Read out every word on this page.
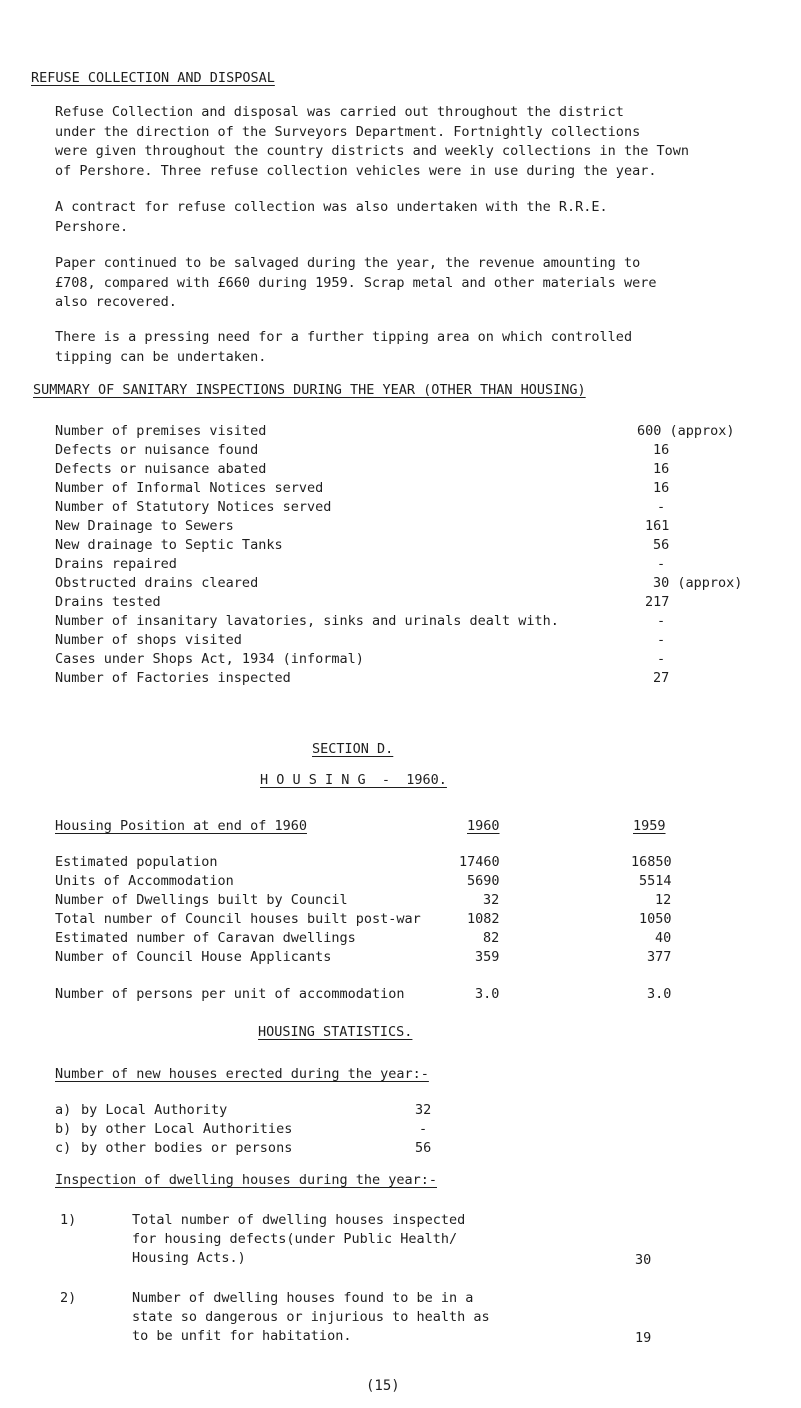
REFUSE COLLECTION AND DISPOSAL
Refuse Collection and disposal was carried out throughout the district
under the direction of the Surveyors Department. Fortnightly collections
were given throughout the country districts and weekly collections in the Town
of Pershore. Three refuse collection vehicles were in use during the year.
A contract for refuse collection was also undertaken with the R.R.E.
Pershore.
Paper continued to be salvaged during the year, the revenue amounting to
£708, compared with £660 during 1959. Scrap metal and other materials were
also recovered.
There is a pressing need for a further tipping area on which controlled
tipping can be undertaken.
SUMMARY OF SANITARY INSPECTIONS DURING THE YEAR (OTHER THAN HOUSING)
Number of premises visited	600 (approx)
Defects or nuisance found	16
Defects or nuisance abated	16
Number of Informal Notices served	16
Number of Statutory Notices served	-
New Drainage to Sewers	161
New drainage to Septic Tanks	56
Drains repaired	-
Obstructed drains cleared	30 (approx)
Drains tested	217
Number of insanitary lavatories, sinks and urinals dealt with.	-
Number of shops visited	-
Cases under Shops Act, 1934 (informal)	-
Number of Factories inspected	27
SECTION D.
H O U S I N G  -  1960.
Housing Position at end of 1960	1960	1959
Estimated population	17460	16850
Units of Accommodation	5690	5514
Number of Dwellings built by Council	32	12
Total number of Council houses built post-war	1082	1050
Estimated number of Caravan dwellings	82	40
Number of Council House Applicants	359	377
Number of persons per unit of accommodation	3.0	3.0
HOUSING STATISTICS.
Number of new houses erected during the year:-
a) by Local Authority	32
b) by other Local Authorities	-
c) by other bodies or persons	56
Inspection of dwelling houses during the year:-
1)	Total number of dwelling houses inspected
for housing defects(under Public Health/
Housing Acts.)	30
2)	Number of dwelling houses found to be in a
state so dangerous or injurious to health as
to be unfit for habitation.	19
(15)
